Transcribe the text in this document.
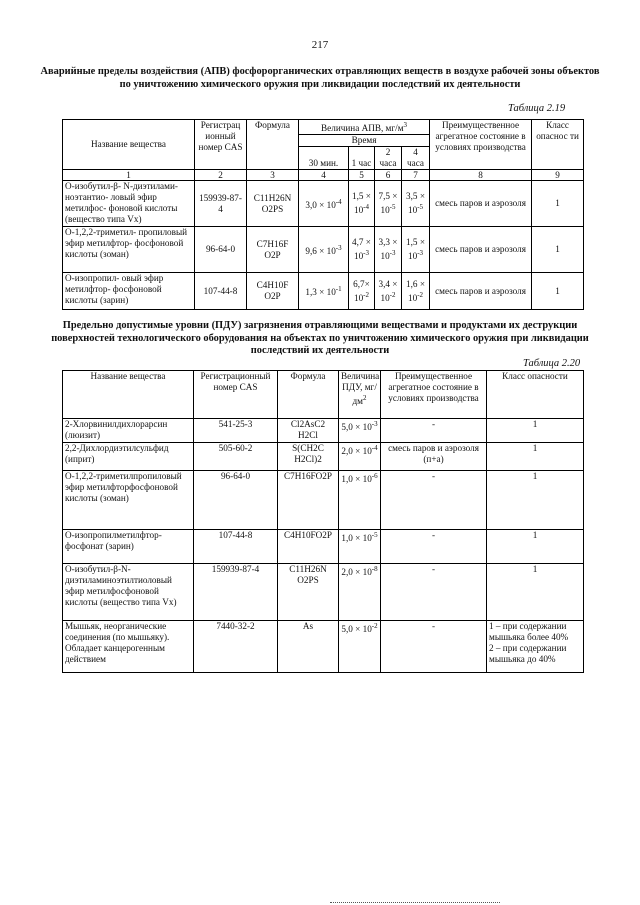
217

Аварийные пределы воздействия (АПВ) фосфорорганических отравляющих веществ в воздухе рабочей зоны объектов по уничтожению химического оружия при ликвидации последствий их деятельности

Таблица 2.19
Название вещества	Регистрац ионный номер CAS	Формула	Величина АПВ, $мг/м^3$				Преимущественное агрегатное состояние в условиях производства	Класс опаснос ти
			Время					
			30 мин.	1 час	2 часа	4 часа		
1	2	3	4	5	6	7	8	9
О-изобутил-β- N-диэтилами-ноэтантио- ловый эфир метилфос- фоновой кислоты (вещество типа Vx)	159939-87-4	C11H26N O2PS	$3,0 \times 10^{-4}$	$1,5 \times 10^{-4}$	$7,5 \times 10^{-5}$	$3,5 \times 10^{-5}$	смесь паров и аэрозоля	1
О-1,2,2-триметил- пропиловый эфир метилфтор- фосфоновой кислоты (зоман)	96-64-0	C7H16F O2P	$9,6 \times 10^{-3}$	$4,7 \times 10^{-3}$	$3,3 \times 10^{-3}$	$1,5 \times 10^{-3}$	смесь паров и аэрозоля	1
О-изопропил- овый эфир метилфтор- фосфоновой кислоты (зарин)	107-44-8	C4H10F O2P	$1,3 \times 10^{-1}$	$6,7\times 10^{-2}$	$3,4 \times 10^{-2}$	$1,6 \times 10^{-2}$	смесь паров и аэрозоля	1

Предельно допустимые уровни (ПДУ) загрязнения отравляющими веществами и продуктами их деструкции поверхностей технологического оборудования на объектах по уничтожению химического оружия при ликвидации последствий их деятельности

Таблица 2.20
Название вещества	Регистрационный номер CAS	Формула	Величина ПДУ, $мг/дм^2$	Преимущественное агрегатное состояние в условиях производства	Класс опасности
2-Хлорвинилдихлорарсин (люизит)	541-25-3	Cl2AsC2 H2Cl	$5,0 \times 10^{-3}$	-	1
2,2-Дихлордиэтилсульфид (иприт)	505-60-2	S(CH2C H2Cl)2	$2,0 \times 10^{-4}$	смесь паров и аэрозоля (п+а)	1
О-1,2,2-триметилпропиловый эфир метилфторфосфоновой кислоты (зоман)	96-64-0	C7H16FO2P	$1,0 \times 10^{-6}$	-	1
О-изопропилметилфтор-фосфонат (зарин)	107-44-8	C4H10FO2P	$1,0 \times 10^{-5}$	-	1
О-изобутил-β-N-диэтиламиноэтилтиоловый эфир метилфосфоновой кислоты (вещество типа Vx)	159939-87-4	C11H26N O2PS	$2,0 \times 10^{-8}$	-	1
Мышьяк, неорганические соединения (по мышьяку). Обладает канцерогенным действием	7440-32-2	As	$5,0 \times 10^{-2}$	-	1 – при содержании мышьяка более 40%
2 – при содержании мышьяка до 40%
